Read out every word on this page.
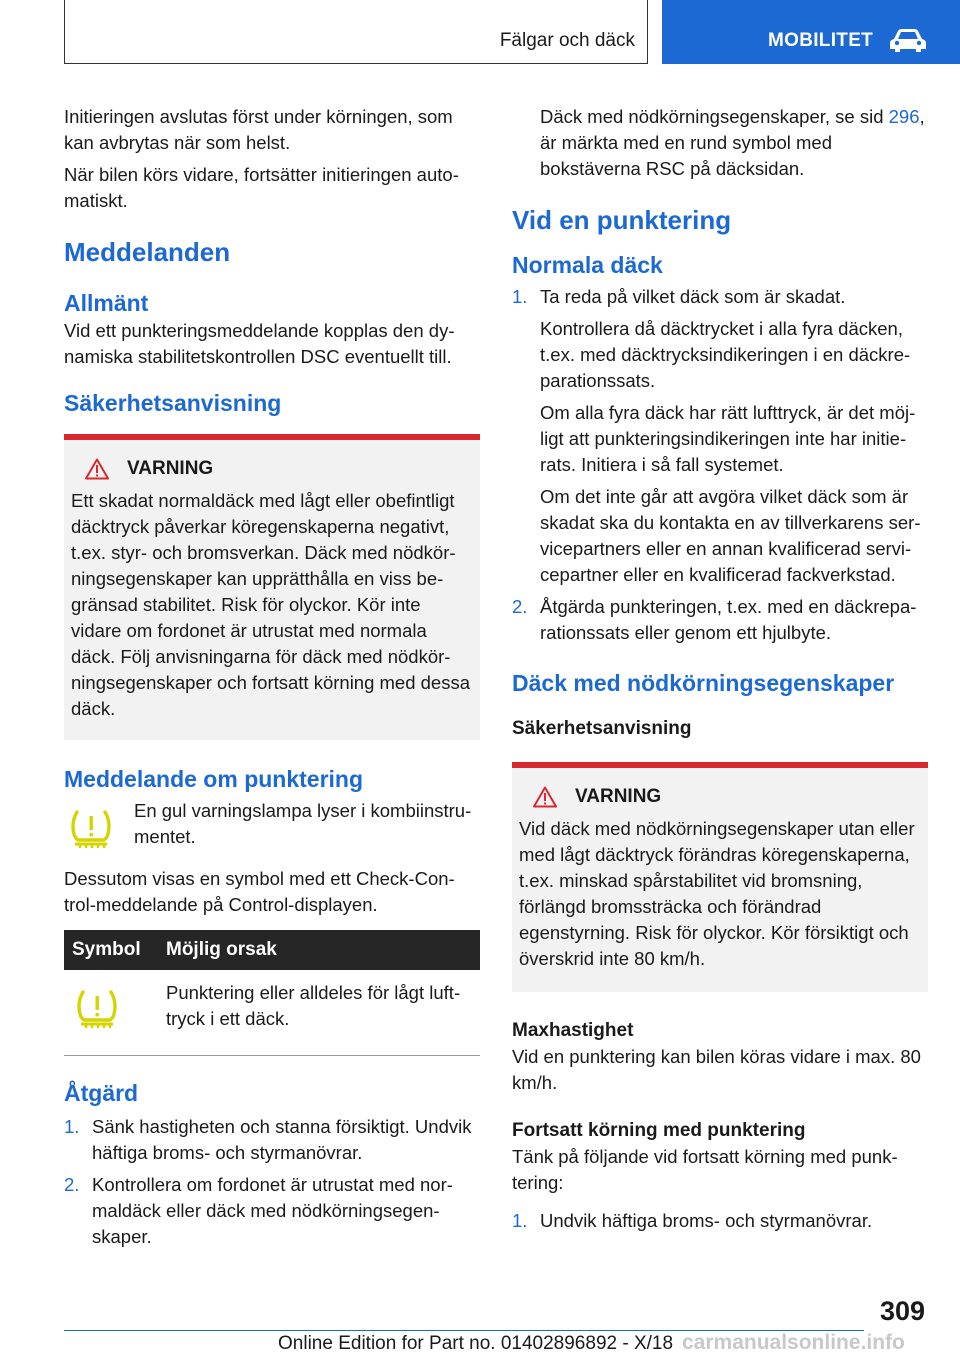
Fälgar och däck	MOBILITET

Initieringen avslutas först under körningen, som kan avbrytas när som helst.

När bilen körs vidare, fortsätter initieringen automatiskt.

Meddelanden
Allmänt

Vid ett punkteringsmeddelande kopplas den dynamiska stabilitetskontrollen DSC eventuellt till.

Säkerhetsanvisning
VARNING

Ett skadat normaldäck med lågt eller obefintligt däcktryck påverkar köregenskaperna negativt, t.ex. styr- och bromsverkan. Däck med nödkörningsegenskaper kan upprätthålla en viss begränsad stabilitet. Risk för olyckor. Kör inte vidare om fordonet är utrustat med normala däck. Följ anvisningarna för däck med nödkörningsegenskaper och fortsatt körning med dessa däck.

Meddelande om punktering

En gul varningslampa lyser i kombiinstrumentet.

Dessutom visas en symbol med ett Check-Control-meddelande på Control-displayen.

Symbol	Möjlig orsak
	Punktering eller alldeles för lågt lufttryck i ett däck.
Åtgärd
1. Sänk hastigheten och stanna försiktigt. Undvik häftiga broms- och styrmanövrar.

2. Kontrollera om fordonet är utrustat med normaldäck eller däck med nödkörningsegenskaper.

Däck med nödkörningsegenskaper, se sid 296, är märkta med en rund symbol med bokstäverna RSC på däcksidan.

Vid en punktering
Normala däck
1. Ta reda på vilket däck som är skadat.

Kontrollera då däcktrycket i alla fyra däcken, t.ex. med däcktrycksindikeringen i en däckreparationssats.

Om alla fyra däck har rätt lufttryck, är det möjligt att punkteringsindikeringen inte har initierats. Initiera i så fall systemet.

Om det inte går att avgöra vilket däck som är skadat ska du kontakta en av tillverkarens servicepartners eller en annan kvalificerad servicepartner eller en kvalificerad fackverkstad.

2. Åtgärda punkteringen, t.ex. med en däckreparationssats eller genom ett hjulbyte.

Däck med nödkörningsegenskaper
Säkerhetsanvisning
VARNING

Vid däck med nödkörningsegenskaper utan eller med lågt däcktryck förändras köregenskaperna, t.ex. minskad spårstabilitet vid bromsning, förlängd bromssträcka och förändrad egenstyrning. Risk för olyckor. Kör försiktigt och överskrid inte 80 km/h.

Maxhastighet

Vid en punktering kan bilen köras vidare i max. 80 km/h.

Fortsatt körning med punktering

Tänk på följande vid fortsatt körning med punktering:

1. Undvik häftiga broms- och styrmanövrar.

309
Online Edition for Part no. 01402896892 - X/18 carmanualsonline.info
